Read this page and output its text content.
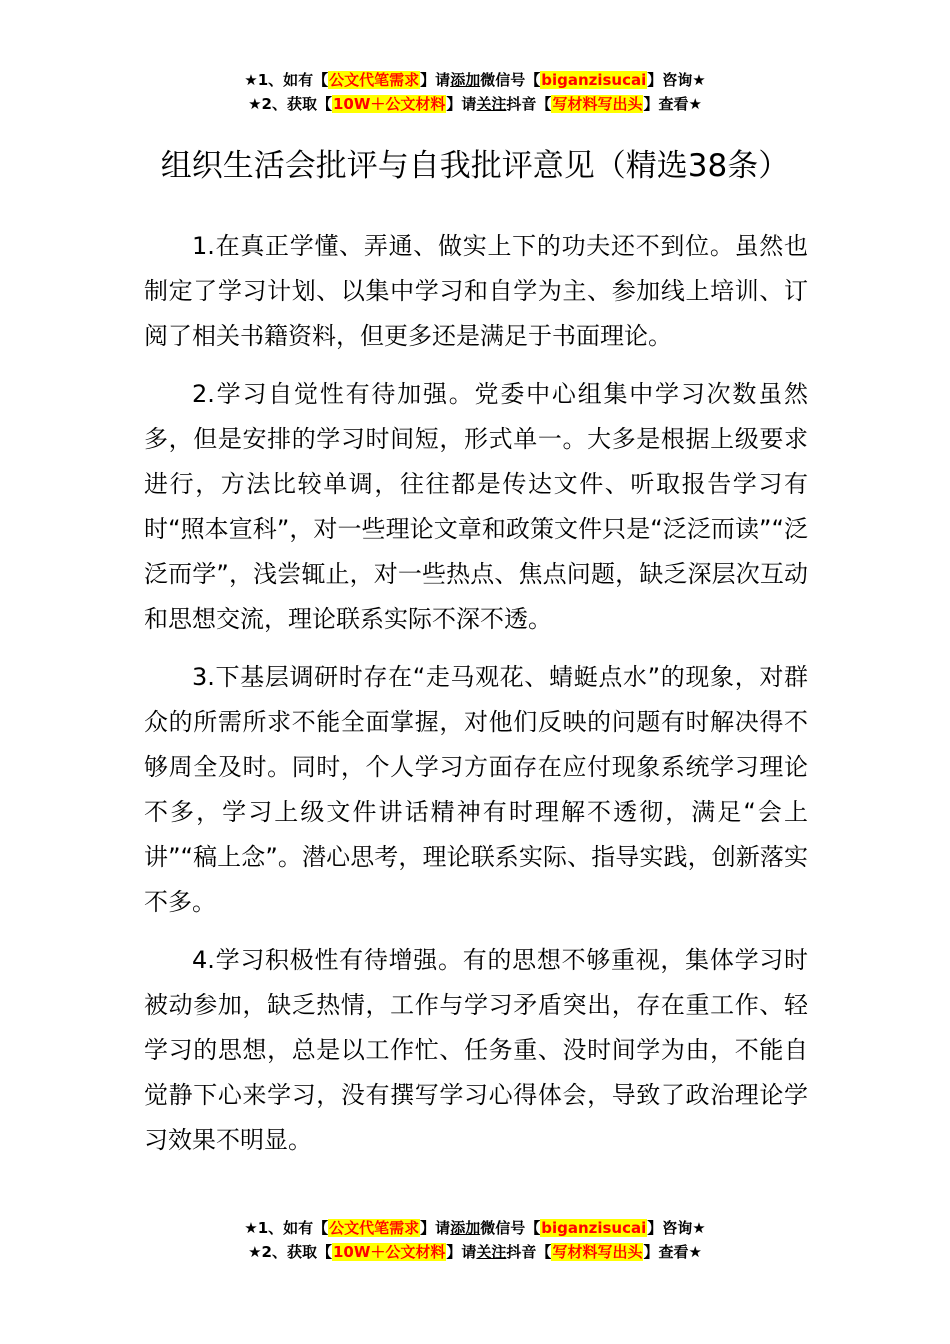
★1、如有【公文代笔需求】请添加微信号【biganzisucai】咨询★
★2、获取【10W＋公文材料】请关注抖音【写材料写出头】查看★
组织生活会批评与自我批评意见（精选38条）

1.在真正学懂、弄通、做实上下的功夫还不到位。虽然也制定了学习计划、以集中学习和自学为主、参加线上培训、订阅了相关书籍资料，但更多还是满足于书面理论。

2.学习自觉性有待加强。党委中心组集中学习次数虽然多，但是安排的学习时间短，形式单一。大多是根据上级要求进行，方法比较单调，往往都是传达文件、听取报告学习有时“照本宣科”，对一些理论文章和政策文件只是“泛泛而读”“泛泛而学”，浅尝辄止，对一些热点、焦点问题，缺乏深层次互动和思想交流，理论联系实际不深不透。

3.下基层调研时存在“走马观花、蜻蜓点水”的现象，对群众的所需所求不能全面掌握，对他们反映的问题有时解决得不够周全及时。同时，个人学习方面存在应付现象系统学习理论不多，学习上级文件讲话精神有时理解不透彻，满足“会上讲”“稿上念”。潜心思考，理论联系实际、指导实践，创新落实不多。

4.学习积极性有待增强。有的思想不够重视，集体学习时被动参加，缺乏热情，工作与学习矛盾突出，存在重工作、轻学习的思想，总是以工作忙、任务重、没时间学为由，不能自觉静下心来学习，没有撰写学习心得体会，导致了政治理论学习效果不明显。

★1、如有【公文代笔需求】请添加微信号【biganzisucai】咨询★
★2、获取【10W＋公文材料】请关注抖音【写材料写出头】查看★
